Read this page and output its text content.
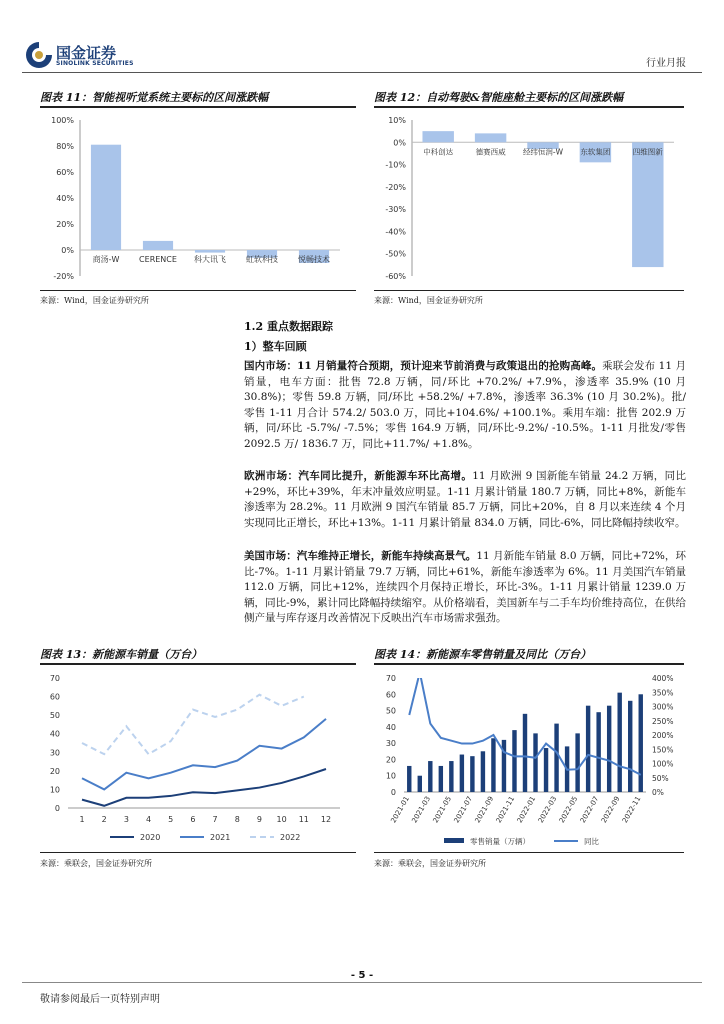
国金证券
SINOLINK SECURITIES	行业月报
图表 11：智能视听觉系统主要标的区间涨跌幅
-20%
0%
20%
40%
60%
80%
100%
商汤-W CERENCE 科大讯飞	虹软科技	悦畅技术
来源：Wind，国金证券研究所
图表 12：自动驾驶&智能座舱主要标的区间涨跌幅
-60%
-50%
-40%
-30%
-20%
-10%
0%
10%
中科创达	德赛西威 经纬恒润-W 东软集团	四维图新
来源：Wind，国金证券研究所
1.2 重点数据跟踪
1）整车回顾
国内市场：11 月销量符合预期，预计迎来节前消费与政策退出的抢购高峰。乘联会发布 11 月销量，电车方面：批售 72.8 万辆，同/环比 +70.2%/ +7.9%，渗透率 35.9% (10 月 30.8%)；零售 59.8 万辆，同/环比 +58.2%/ +7.8%，渗透率 36.3% (10 月 30.2%)。批/零售 1-11 月合计 574.2/ 503.0 万，同比+104.6%/ +100.1%。乘用车端：批售 202.9 万辆，同/环比 -5.7%/ -7.5%；零售 164.9 万辆，同/环比-9.2%/ -10.5%。1-11 月批发/零售 2092.5 万/ 1836.7 万，同比+11.7%/ +1.8%。
欧洲市场：汽车同比提升，新能源车环比高增。11 月欧洲 9 国新能车销量 24.2 万辆，同比+29%，环比+39%，年末冲量效应明显。1-11 月累计销量 180.7 万辆，同比+8%，新能车渗透率为 28.2%。11 月欧洲 9 国汽车销量 85.7 万辆，同比+20%，自 8 月以来连续 4 个月实现同比正增长，环比+13%。1-11 月累计销量 834.0 万辆，同比-6%，同比降幅持续收窄。
美国市场：汽车维持正增长，新能车持续高景气。11 月新能车销量 8.0 万辆，同比+72%，环比-7%。1-11 月累计销量 79.7 万辆，同比+61%，新能车渗透率为 6%。11 月美国汽车销量 112.0 万辆，同比+12%，连续四个月保持正增长，环比-3%。1-11 月累计销量 1239.0 万辆，同比-9%，累计同比降幅持续缩窄。从价格端看，美国新车与二手车均价维持高位，在供给侧产量与库存逐月改善情况下反映出汽车市场需求强劲。
图表 13：新能源车销量（万台）
0
10
20
30
40
50
60
70
1 2 3 4 5 6 7 8 9 10 11 12
2020	2021	2022
来源：乘联会，国金证券研究所
图表 14：新能源车零售销量及同比（万台）
0
10
20
30
40
50
60
70
0%
50%
100%
150%
200%
250%
300%
350%
400%
2021-01 2021-03 2021-05 2021-07 2021-09 2021-11 2022-01 2022-03 2022-05 2022-07 2022-09 2022-11
零售销量（万辆）	同比
来源：乘联会，国金证券研究所
- 5 -
敬请参阅最后一页特别声明
